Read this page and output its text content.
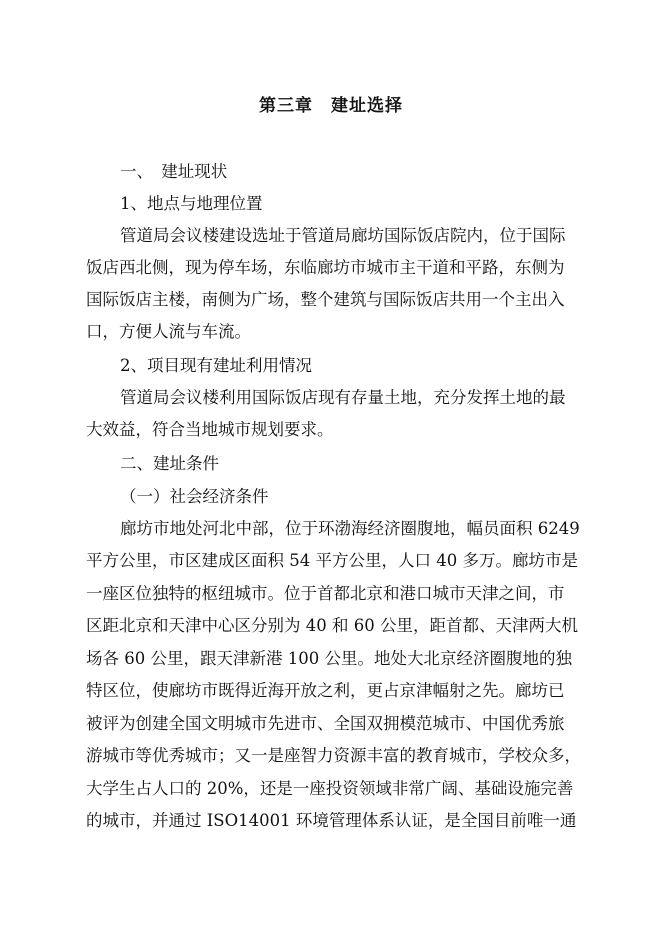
第三章　建址选择
一、　建址现状
1、地点与地理位置
管道局会议楼建设选址于管道局廊坊国际饭店院内，位于国际
饭店西北侧，现为停车场，东临廊坊市城市主干道和平路，东侧为
国际饭店主楼，南侧为广场，整个建筑与国际饭店共用一个主出入
口，方便人流与车流。
2、项目现有建址利用情况
管道局会议楼利用国际饭店现有存量土地，充分发挥土地的最
大效益，符合当地城市规划要求。
二、建址条件
（一）社会经济条件
廊坊市地处河北中部，位于环渤海经济圈腹地，幅员面积 6249
平方公里，市区建成区面积 54 平方公里，人口 40 多万。廊坊市是
一座区位独特的枢纽城市。位于首都北京和港口城市天津之间，市
区距北京和天津中心区分别为 40 和 60 公里，距首都、天津两大机
场各 60 公里，跟天津新港 100 公里。地处大北京经济圈腹地的独
特区位，使廊坊市既得近海开放之利，更占京津幅射之先。廊坊已
被评为创建全国文明城市先进市、全国双拥模范城市、中国优秀旅
游城市等优秀城市；又一是座智力资源丰富的教育城市，学校众多，
大学生占人口的 20%，还是一座投资领域非常广阔、基础设施完善
的城市，并通过 ISO14001 环境管理体系认证，是全国目前唯一通
